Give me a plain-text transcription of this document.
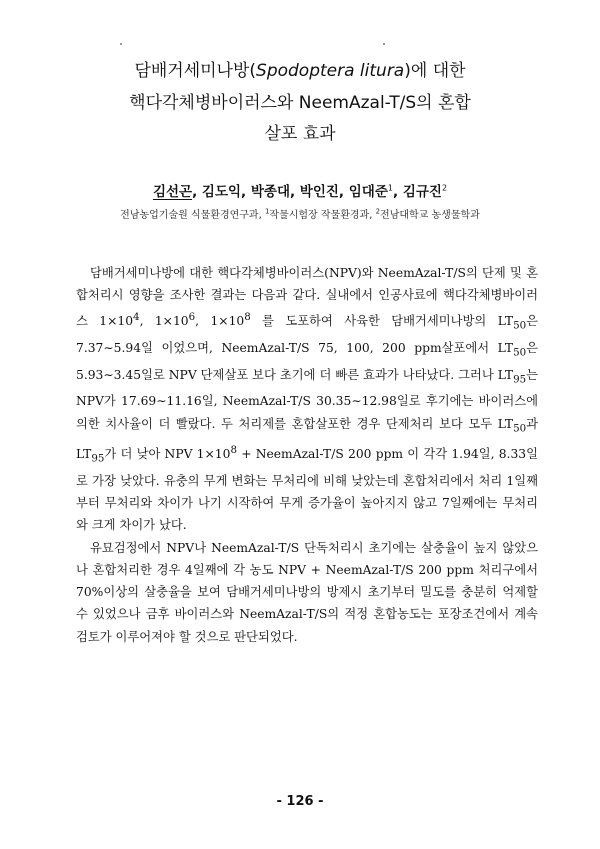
담배거세미나방(Spodoptera litura)에 대한
핵다각체병바이러스와 NeemAzal-T/S의 혼합
살포 효과
김선곤, 김도익, 박종대, 박인진, 임대준$^1$, 김규진$^2$
전남농업기술원 식물환경연구과, $^1$작물시험장 작물환경과, $^2$전남대학교 농생물학과

담배거세미나방에 대한 핵다각체병바이러스(NPV)와 NeemAzal-T/S의 단제 및 혼합처리시 영향을 조사한 결과는 다음과 같다. 실내에서 인공사료에 핵다각체병바이러스 $1\times 10^4$, $1\times 10^6$, $1\times 10^8$ 를 도포하여 사육한 담배거세미나방의 $LT_{50}$은 7.37∼5.94일 이었으며, NeemAzal-T/S 75, 100, 200 ppm살포에서 $LT_{50}$은 5.93∼3.45일로 NPV 단제살포 보다 초기에 더 빠른 효과가 나타났다. 그러나 $LT_{95}$는 NPV가 17.69∼11.16일, NeemAzal-T/S 30.35∼12.98일로 후기에는 바이러스에 의한 치사율이 더 빨랐다. 두 처리제를 혼합살포한 경우 단제처리 보다 모두 $LT_{50}$과 $LT_{95}$가 더 낮아 NPV $1\times 10^8$ + NeemAzal-T/S 200 ppm 이 각각 1.94일, 8.33일로 가장 낮았다. 유충의 무게 변화는 무처리에 비해 낮았는데 혼합처리에서 처리 1일째부터 무처리와 차이가 나기 시작하여 무게 증가율이 높아지지 않고 7일째에는 무처리와 크게 차이가 났다.

유묘검정에서 NPV나 NeemAzal-T/S 단독처리시 초기에는 살충율이 높지 않았으나 혼합처리한 경우 4일째에 각 농도 NPV + NeemAzal-T/S 200 ppm 처리구에서 70%이상의 살충율을 보여 담배거세미나방의 방제시 초기부터 밀도를 충분히 억제할 수 있었으나 금후 바이러스와 NeemAzal-T/S의 적정 혼합농도는 포장조건에서 계속 검토가 이루어져야 할 것으로 판단되었다.

- 126 -
